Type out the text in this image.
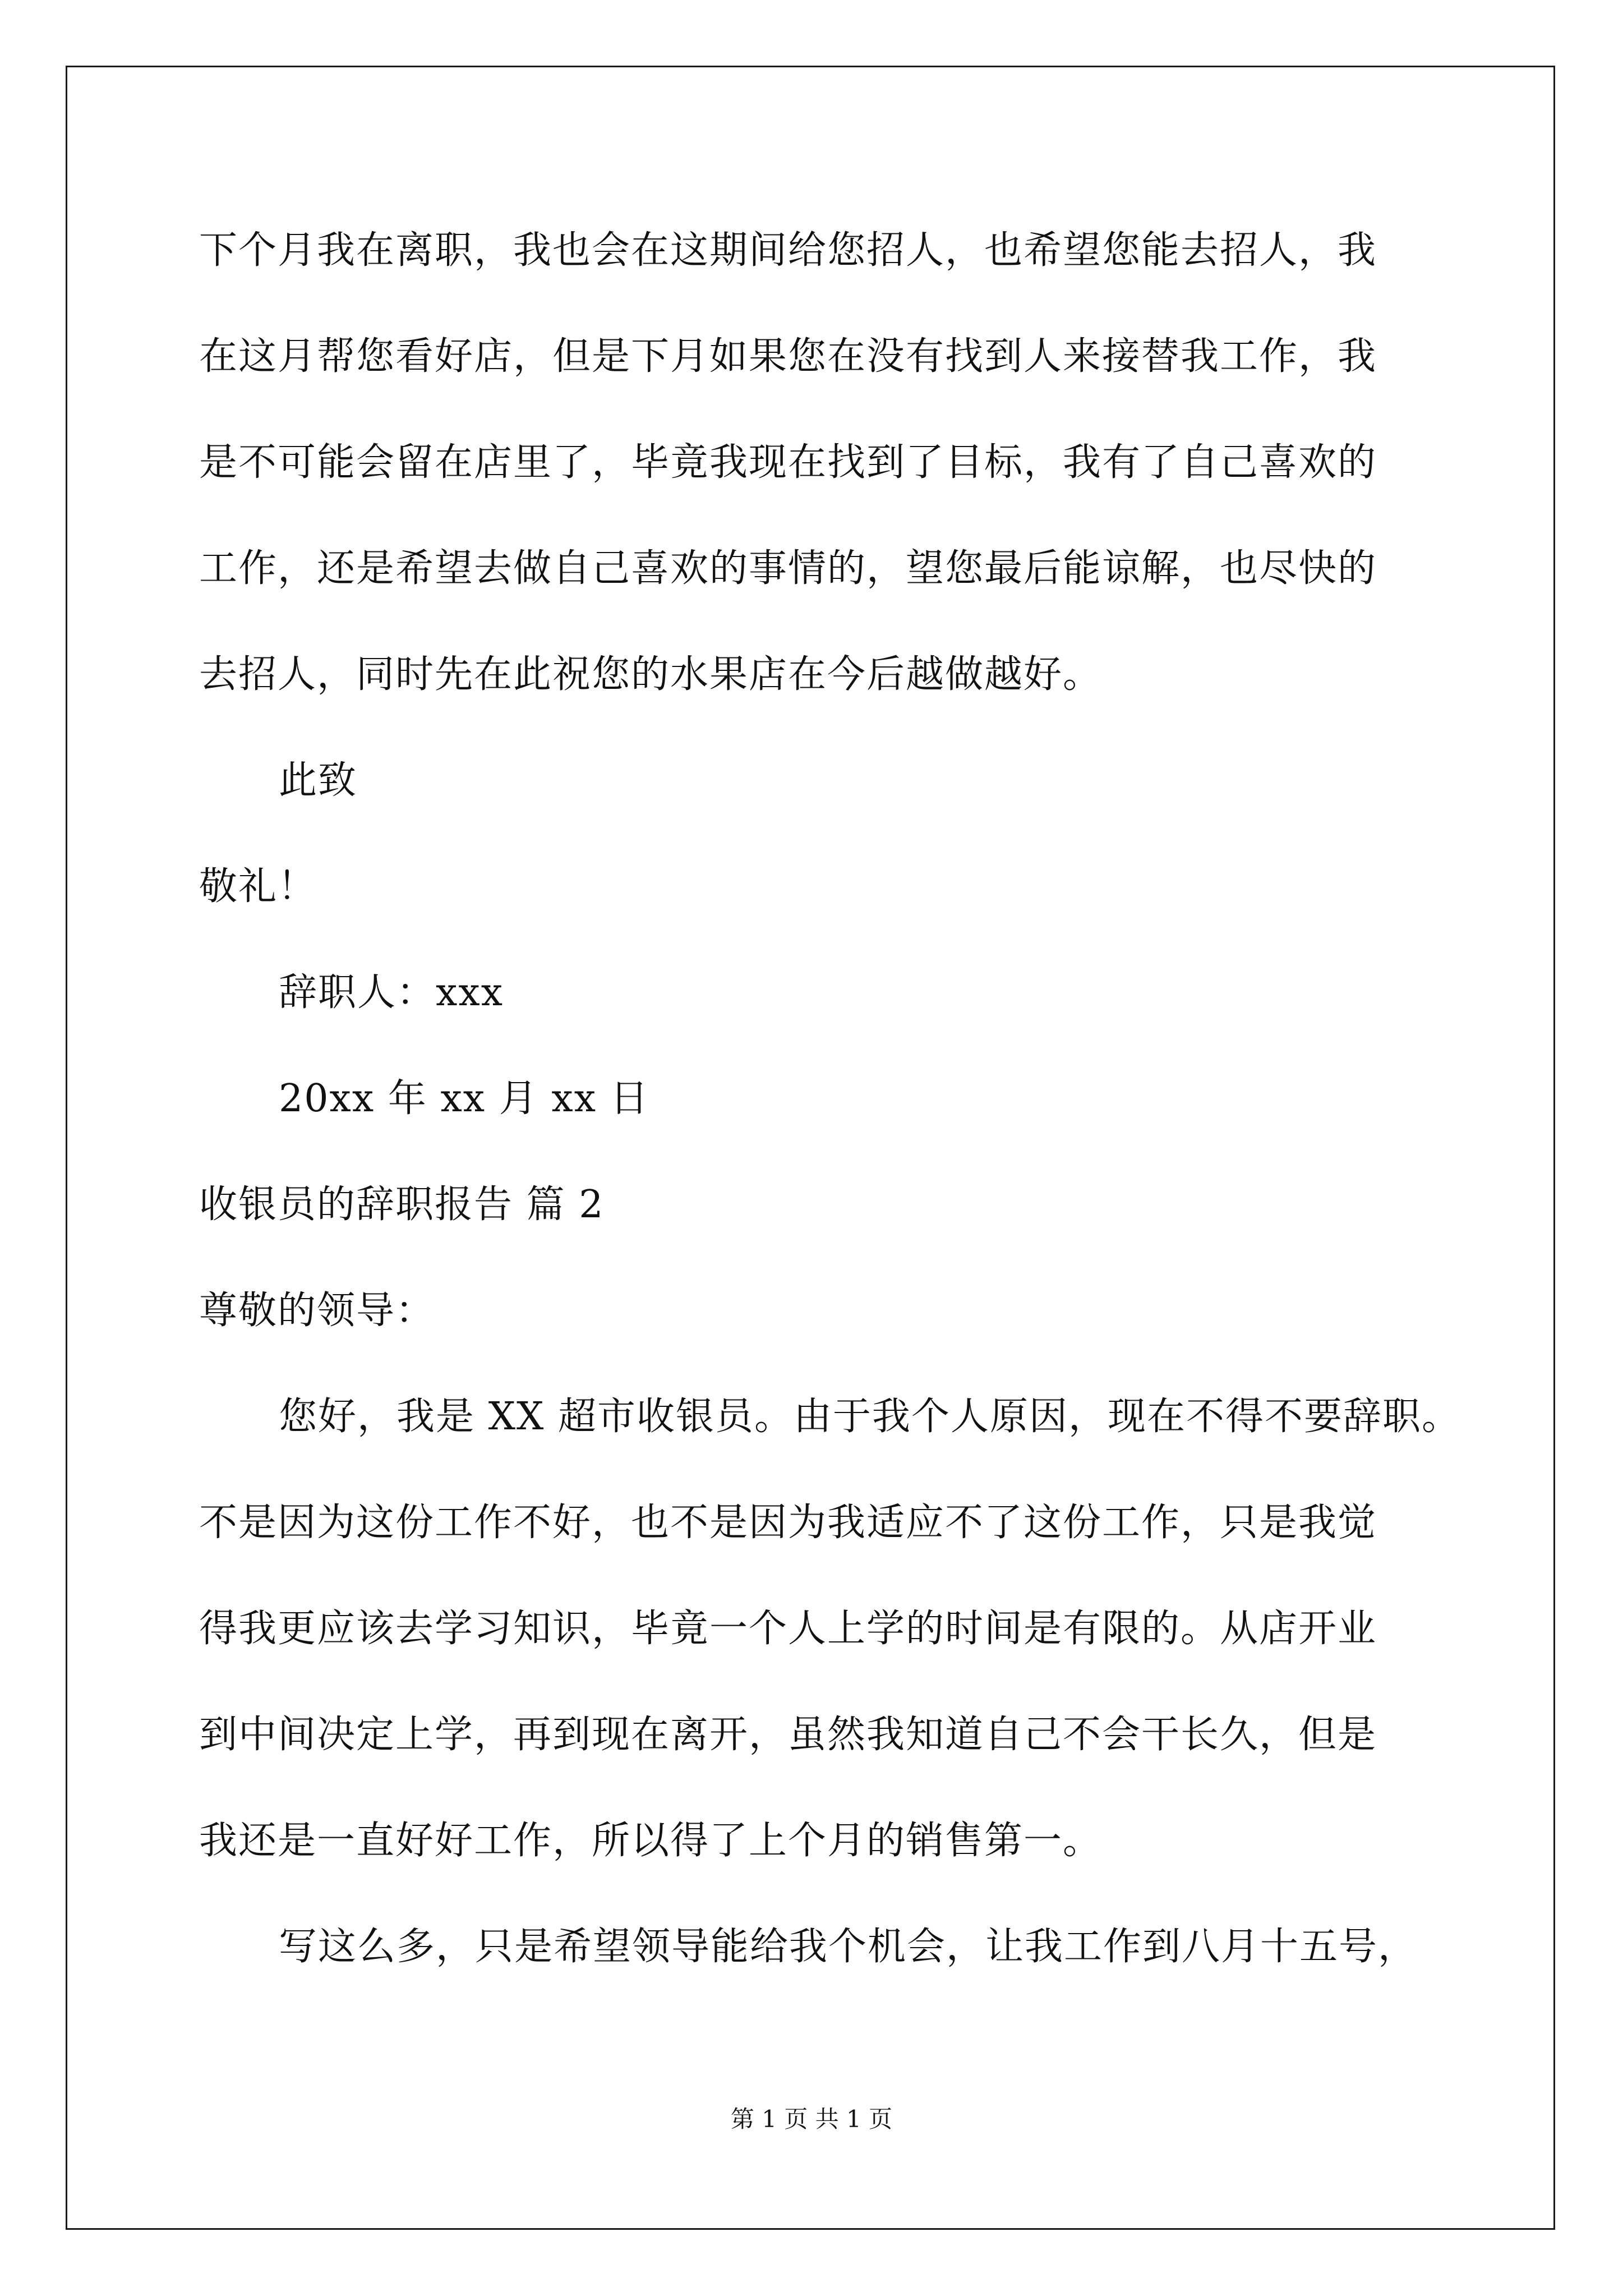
下个月我在离职，我也会在这期间给您招人，也希望您能去招人，我
在这月帮您看好店，但是下月如果您在没有找到人来接替我工作，我
是不可能会留在店里了，毕竟我现在找到了目标，我有了自己喜欢的
工作，还是希望去做自己喜欢的事情的，望您最后能谅解，也尽快的
去招人，同时先在此祝您的水果店在今后越做越好。
此致
敬礼！
辞职人：xxx
20xx 年 xx 月 xx 日
收银员的辞职报告 篇 2
尊敬的领导：
您好，我是 XX 超市收银员。由于我个人原因，现在不得不要辞职。
不是因为这份工作不好，也不是因为我适应不了这份工作，只是我觉
得我更应该去学习知识，毕竟一个人上学的时间是有限的。从店开业
到中间决定上学，再到现在离开，虽然我知道自己不会干长久，但是
我还是一直好好工作，所以得了上个月的销售第一。
写这么多，只是希望领导能给我个机会，让我工作到八月十五号，
第 1 页 共 1 页
